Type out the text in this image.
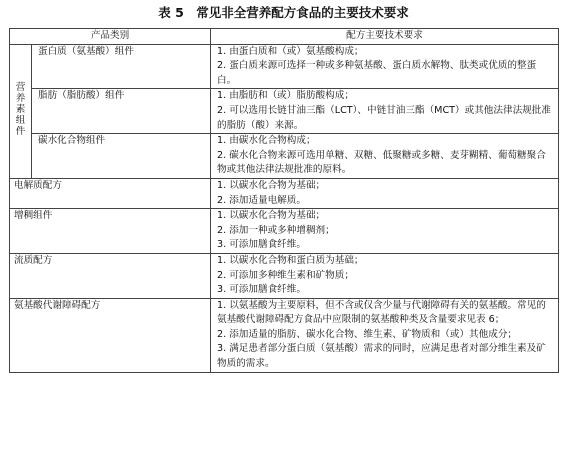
表 5　常见非全营养配方食品的主要技术要求
产品类别		配方主要技术要求
营养素组件	蛋白质（氨基酸）组件	1. 由蛋白质和（或）氨基酸构成；
2. 蛋白质来源可选择一种或多种氨基酸、蛋白质水解物、肽类或优质的整蛋白。

	脂肪（脂肪酸）组件	1. 由脂肪和（或）脂肪酸构成；
2. 可以选用长链甘油三酯（LCT）、中链甘油三酯（MCT）或其他法律法规批准的脂肪（酸）来源。

	碳水化合物组件	1. 由碳水化合物构成；
2. 碳水化合物来源可选用单糖、双糖、低聚糖或多糖、麦芽糊精、葡萄糖聚合物或其他法律法规批准的原料。

电解质配方		1. 以碳水化合物为基础；
2. 添加适量电解质。

增稠组件		1. 以碳水化合物为基础；
2. 添加一种或多种增稠剂；
3. 可添加膳食纤维。

流质配方		1. 以碳水化合物和蛋白质为基础；
2. 可添加多种维生素和矿物质；
3. 可添加膳食纤维。

氨基酸代谢障碍配方		1. 以氨基酸为主要原料，但不含或仅含少量与代谢障碍有关的氨基酸。常见的氨基酸代谢障碍配方食品中应限制的氨基酸种类及含量要求见表 6；
2. 添加适量的脂肪、碳水化合物、维生素、矿物质和（或）其他成分；
3. 满足患者部分蛋白质（氨基酸）需求的同时，应满足患者对部分维生素及矿物质的需求。
